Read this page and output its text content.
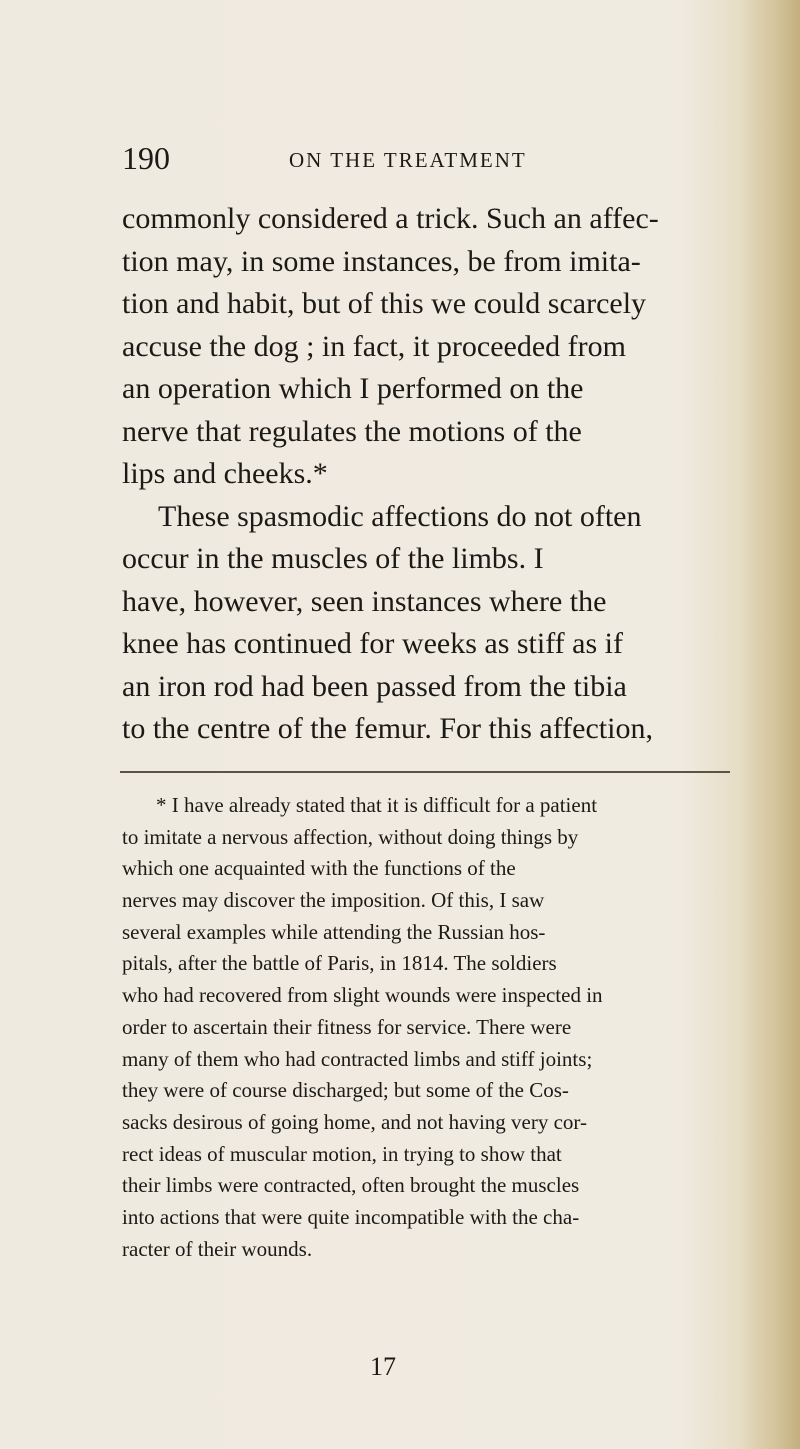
190	ON THE TREATMENT
commonly considered a trick. Such an affec-
tion may, in some instances, be from imita-
tion and habit, but of this we could scarcely
accuse the dog ; in fact, it proceeded from
an operation which I performed on the
nerve that regulates the motions of the
lips and cheeks.*
These spasmodic affections do not often
occur in the muscles of the limbs. I
have, however, seen instances where the
knee has continued for weeks as stiff as if
an iron rod had been passed from the tibia
to the centre of the femur. For this affection,
* I have already stated that it is difficult for a patient
to imitate a nervous affection, without doing things by
which one acquainted with the functions of the
nerves may discover the imposition. Of this, I saw
several examples while attending the Russian hos-
pitals, after the battle of Paris, in 1814. The soldiers
who had recovered from slight wounds were inspected in
order to ascertain their fitness for service. There were
many of them who had contracted limbs and stiff joints;
they were of course discharged; but some of the Cos-
sacks desirous of going home, and not having very cor-
rect ideas of muscular motion, in trying to show that
their limbs were contracted, often brought the muscles
into actions that were quite incompatible with the cha-
racter of their wounds.
17
